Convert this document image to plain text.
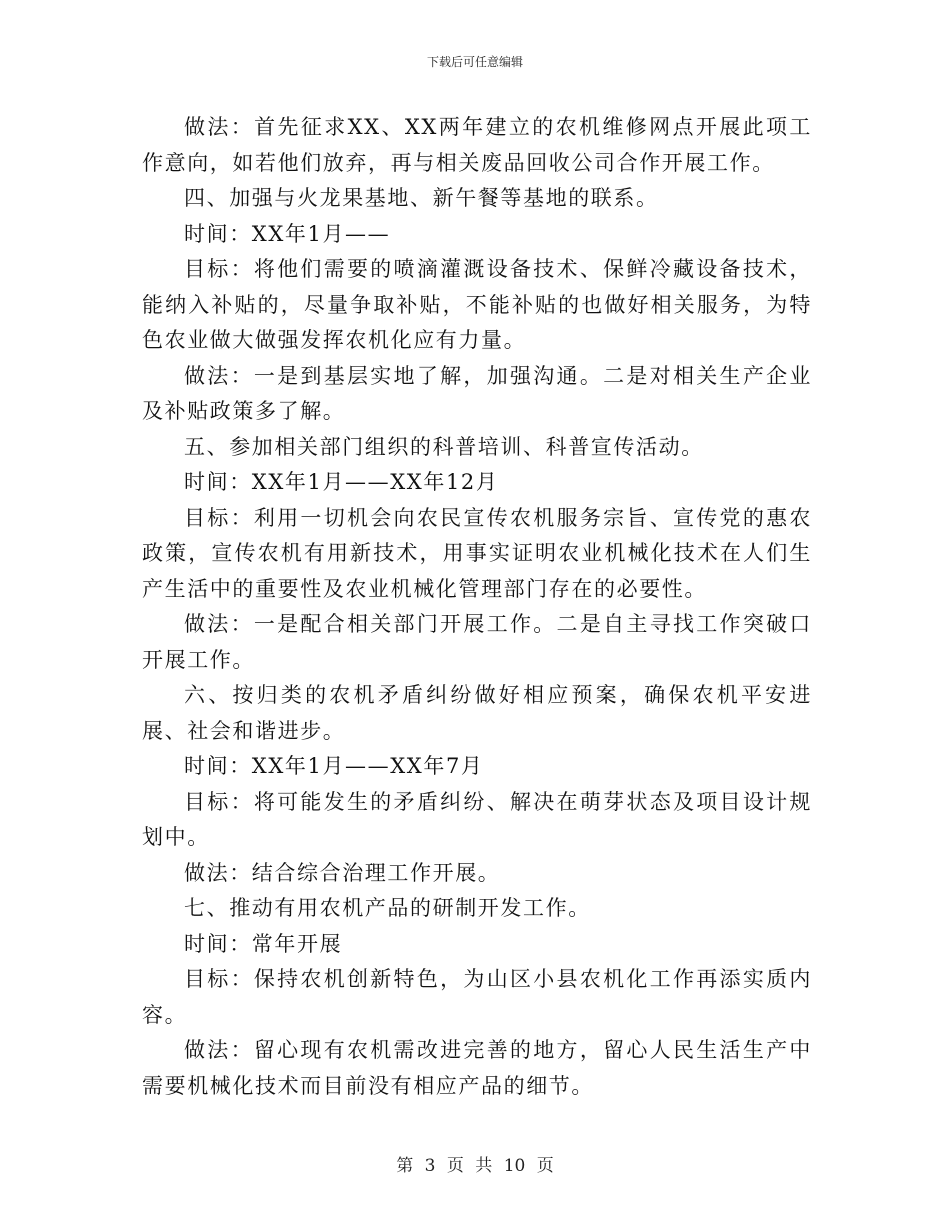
下载后可任意编辑

做法：首先征求XX、XX两年建立的农机维修网点开展此项工作意向，如若他们放弃，再与相关废品回收公司合作开展工作。

四、加强与火龙果基地、新午餐等基地的联系。

时间：XX年1月——

目标：将他们需要的喷滴灌溉设备技术、保鲜冷藏设备技术，能纳入补贴的，尽量争取补贴，不能补贴的也做好相关服务，为特色农业做大做强发挥农机化应有力量。

做法：一是到基层实地了解，加强沟通。二是对相关生产企业及补贴政策多了解。

五、参加相关部门组织的科普培训、科普宣传活动。

时间：XX年1月——XX年12月

目标：利用一切机会向农民宣传农机服务宗旨、宣传党的惠农政策，宣传农机有用新技术，用事实证明农业机械化技术在人们生产生活中的重要性及农业机械化管理部门存在的必要性。

做法：一是配合相关部门开展工作。二是自主寻找工作突破口开展工作。

六、按归类的农机矛盾纠纷做好相应预案，确保农机平安进展、社会和谐进步。

时间：XX年1月——XX年7月

目标：将可能发生的矛盾纠纷、解决在萌芽状态及项目设计规划中。

做法：结合综合治理工作开展。

七、推动有用农机产品的研制开发工作。

时间：常年开展

目标：保持农机创新特色，为山区小县农机化工作再添实质内容。

做法：留心现有农机需改进完善的地方，留心人民生活生产中需要机械化技术而目前没有相应产品的细节。

第 3 页 共 10 页
